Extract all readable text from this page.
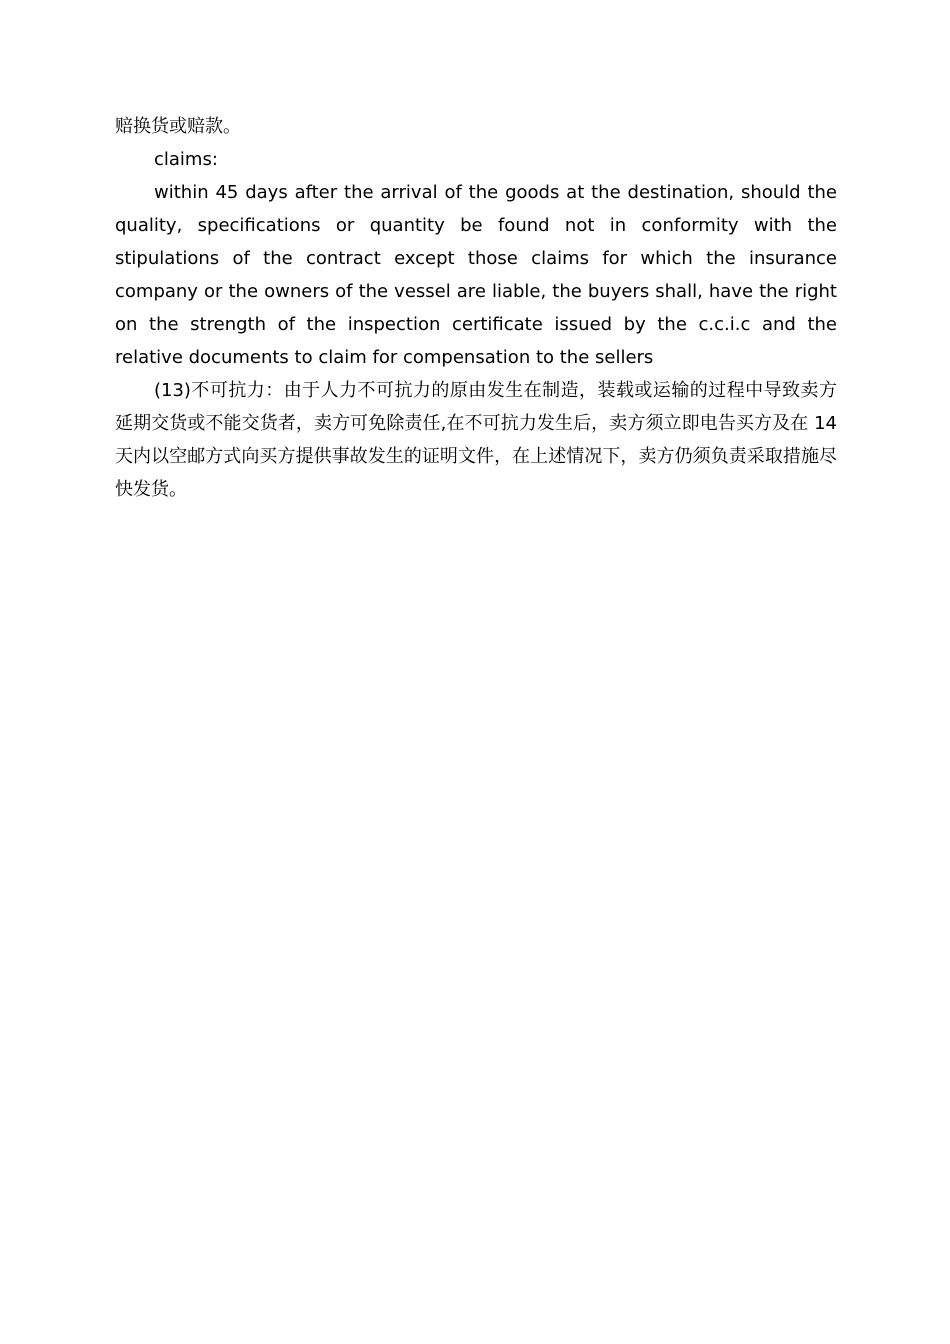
赔换货或赔款。

claims:

within 45 days after the arrival of the goods at the destination, should the quality, specifications or quantity be found not in conformity with the stipulations of the contract except those claims for which the insurance company or the owners of the vessel are liable, the buyers shall, have the right on the strength of the inspection certificate issued by the c.c.i.c and the relative documents to claim for compensation to the sellers

(13)不可抗力：由于人力不可抗力的原由发生在制造，装载或运输的过程中导致卖方延期交货或不能交货者，卖方可免除责任,在不可抗力发生后，卖方须立即电告买方及在 14 天内以空邮方式向买方提供事故发生的证明文件，在上述情况下，卖方仍须负责采取措施尽快发货。
